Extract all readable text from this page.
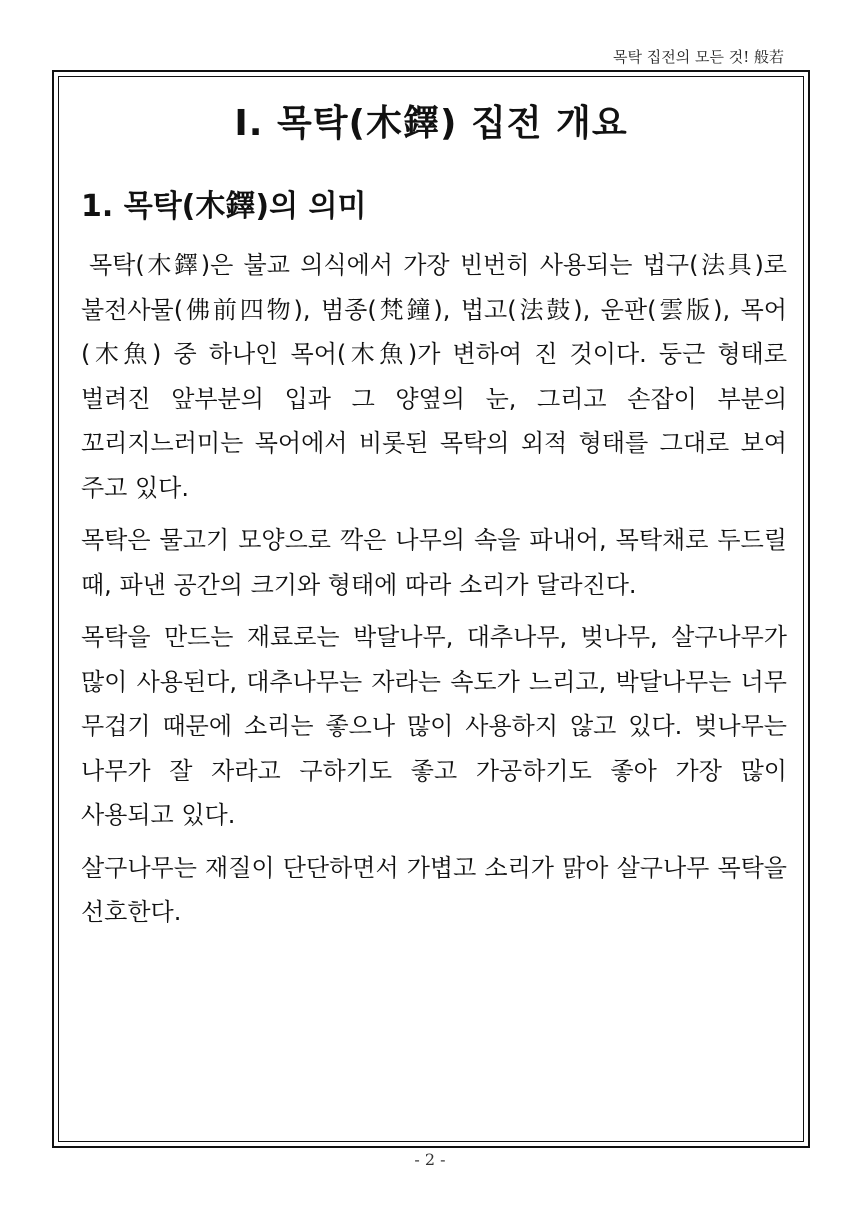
목탁 집전의 모든 것! 般若
Ⅰ. 목탁(木鐸) 집전 개요
1. 목탁(木鐸)의 의미

목탁(木鐸)은 불교 의식에서 가장 빈번히 사용되는 법구(法具)로 불전사물(佛前四物), 범종(梵鐘), 법고(法鼓), 운판(雲版), 목어(木魚) 중 하나인 목어(木魚)가 변하여 진 것이다. 둥근 형태로 벌려진 앞부분의 입과 그 양옆의 눈, 그리고 손잡이 부분의 꼬리지느러미는 목어에서 비롯된 목탁의 외적 형태를 그대로 보여 주고 있다.

목탁은 물고기 모양으로 깍은 나무의 속을 파내어, 목탁채로 두드릴 때, 파낸 공간의 크기와 형태에 따라 소리가 달라진다.

목탁을 만드는 재료로는 박달나무, 대추나무, 벚나무, 살구나무가 많이 사용된다, 대추나무는 자라는 속도가 느리고, 박달나무는 너무 무겁기 때문에 소리는 좋으나 많이 사용하지 않고 있다. 벚나무는 나무가 잘 자라고 구하기도 좋고 가공하기도 좋아 가장 많이 사용되고 있다.

살구나무는 재질이 단단하면서 가볍고 소리가 맑아 살구나무 목탁을 선호한다.

- 2 -
